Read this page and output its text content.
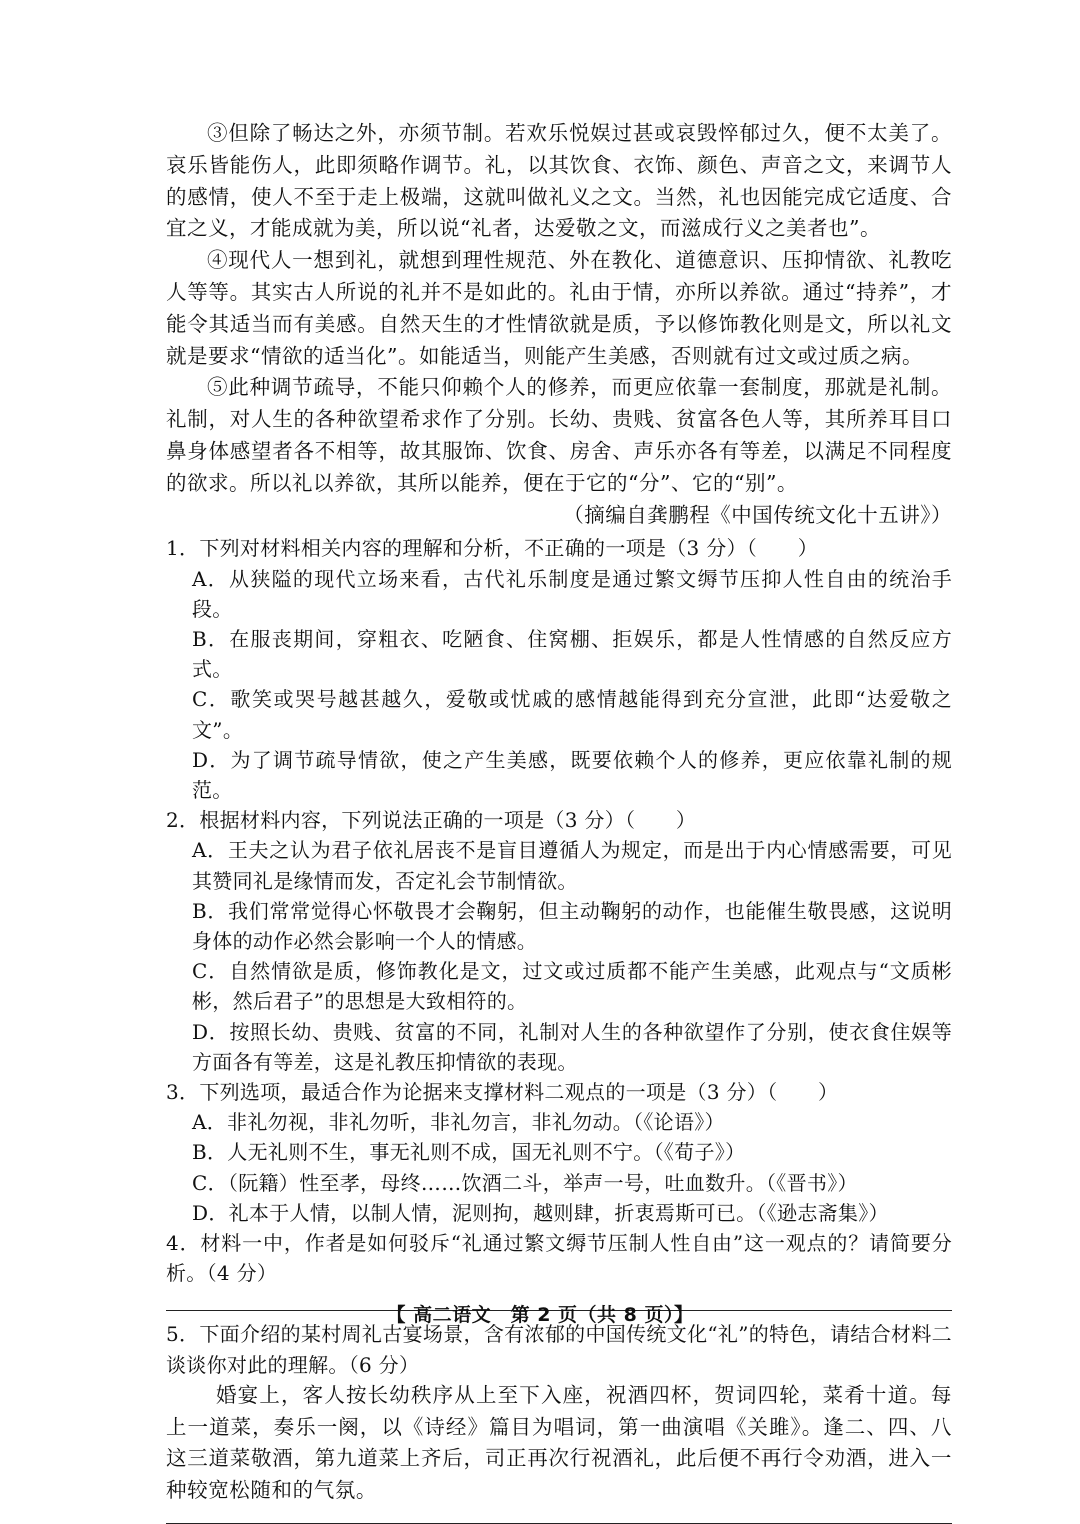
③但除了畅达之外，亦须节制。若欢乐悦娱过甚或哀毁悴郁过久，便不太美了。哀乐皆能伤人，此即须略作调节。礼，以其饮食、衣饰、颜色、声音之文，来调节人的感情，使人不至于走上极端，这就叫做礼义之文。当然，礼也因能完成它适度、合宜之义，才能成就为美，所以说“礼者，达爱敬之文，而滋成行义之美者也”。

④现代人一想到礼，就想到理性规范、外在教化、道德意识、压抑情欲、礼教吃人等等。其实古人所说的礼并不是如此的。礼由于情，亦所以养欲。通过“持养”，才能令其适当而有美感。自然天生的才性情欲就是质，予以修饰教化则是文，所以礼文就是要求“情欲的适当化”。如能适当，则能产生美感，否则就有过文或过质之病。

⑤此种调节疏导，不能只仰赖个人的修养，而更应依靠一套制度，那就是礼制。礼制，对人生的各种欲望希求作了分别。长幼、贵贱、贫富各色人等，其所养耳目口鼻身体感望者各不相等，故其服饰、饮食、房舍、声乐亦各有等差，以满足不同程度的欲求。所以礼以养欲，其所以能养，便在于它的“分”、它的“别”。

（摘编自龚鹏程《中国传统文化十五讲》）

1．下列对材料相关内容的理解和分析，不正确的一项是（3 分）（　　）

A．从狭隘的现代立场来看，古代礼乐制度是通过繁文缛节压抑人性自由的统治手段。

B．在服丧期间，穿粗衣、吃陋食、住窝棚、拒娱乐，都是人性情感的自然反应方式。

C．歌笑或哭号越甚越久，爱敬或忧戚的感情越能得到充分宣泄，此即“达爱敬之文”。

D．为了调节疏导情欲，使之产生美感，既要依赖个人的修养，更应依靠礼制的规范。

2．根据材料内容，下列说法正确的一项是（3 分）（　　）

A．王夫之认为君子依礼居丧不是盲目遵循人为规定，而是出于内心情感需要，可见其赞同礼是缘情而发，否定礼会节制情欲。

B．我们常常觉得心怀敬畏才会鞠躬，但主动鞠躬的动作，也能催生敬畏感，这说明身体的动作必然会影响一个人的情感。

C．自然情欲是质，修饰教化是文，过文或过质都不能产生美感，此观点与“文质彬彬，然后君子”的思想是大致相符的。

D．按照长幼、贵贱、贫富的不同，礼制对人生的各种欲望作了分别，使衣食住娱等方面各有等差，这是礼教压抑情欲的表现。

3．下列选项，最适合作为论据来支撑材料二观点的一项是（3 分）（　　）

A．非礼勿视，非礼勿听，非礼勿言，非礼勿动。（《论语》）

B．人无礼则不生，事无礼则不成，国无礼则不宁。（《荀子》）

C．（阮籍）性至孝，母终……饮酒二斗，举声一号，吐血数升。（《晋书》）

D．礼本于人情，以制人情，泥则拘，越则肆，折衷焉斯可已。（《逊志斋集》）

4．材料一中，作者是如何驳斥“礼通过繁文缛节压制人性自由”这一观点的？请简要分析。（4 分）

5．下面介绍的某村周礼古宴场景，含有浓郁的中国传统文化“礼”的特色，请结合材料二谈谈你对此的理解。（6 分）

婚宴上，客人按长幼秩序从上至下入座，祝酒四杯，贺词四轮，菜肴十道。每上一道菜，奏乐一阕，以《诗经》篇目为唱词，第一曲演唱《关雎》。逢二、四、八这三道菜敬酒，第九道菜上齐后，司正再次行祝酒礼，此后便不再行令劝酒，进入一种较宽松随和的气氛。

【 高二语文　第 2 页（共 8 页）】
